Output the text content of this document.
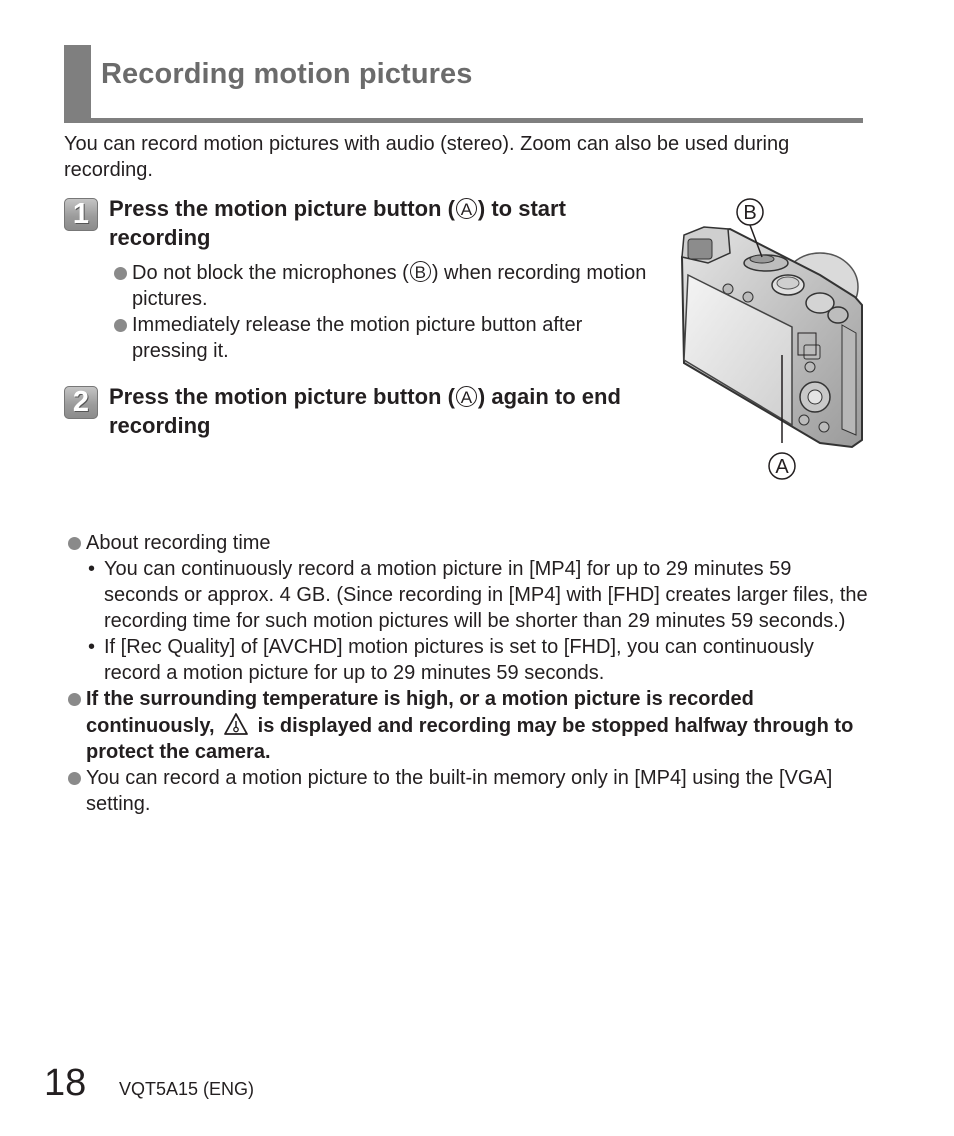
Recording motion pictures

You can record motion pictures with audio (stereo). Zoom can also be used during recording.

1 Press the motion picture button ( A ) to start recording

Do not block the microphones ( B ) when recording motion pictures.
Immediately release the motion picture button after pressing it.
2 Press the motion picture button ( A ) again to end recording

B
A
About recording time
• You can continuously record a motion picture in [MP4] for up to 29 minutes 59 seconds or approx. 4 GB. (Since recording in [MP4] with [FHD] creates larger files, the recording time for such motion pictures will be shorter than 29 minutes 59 seconds.)
• If [Rec Quality] of [AVCHD] motion pictures is set to [FHD], you can continuously record a motion picture for up to 29 minutes 59 seconds.
If the surrounding temperature is high, or a motion picture is recorded continuously, is displayed and recording may be stopped halfway through to protect the camera.
You can record a motion picture to the built-in memory only in [MP4] using the [VGA] setting.

18 VQT5A15 (ENG)
